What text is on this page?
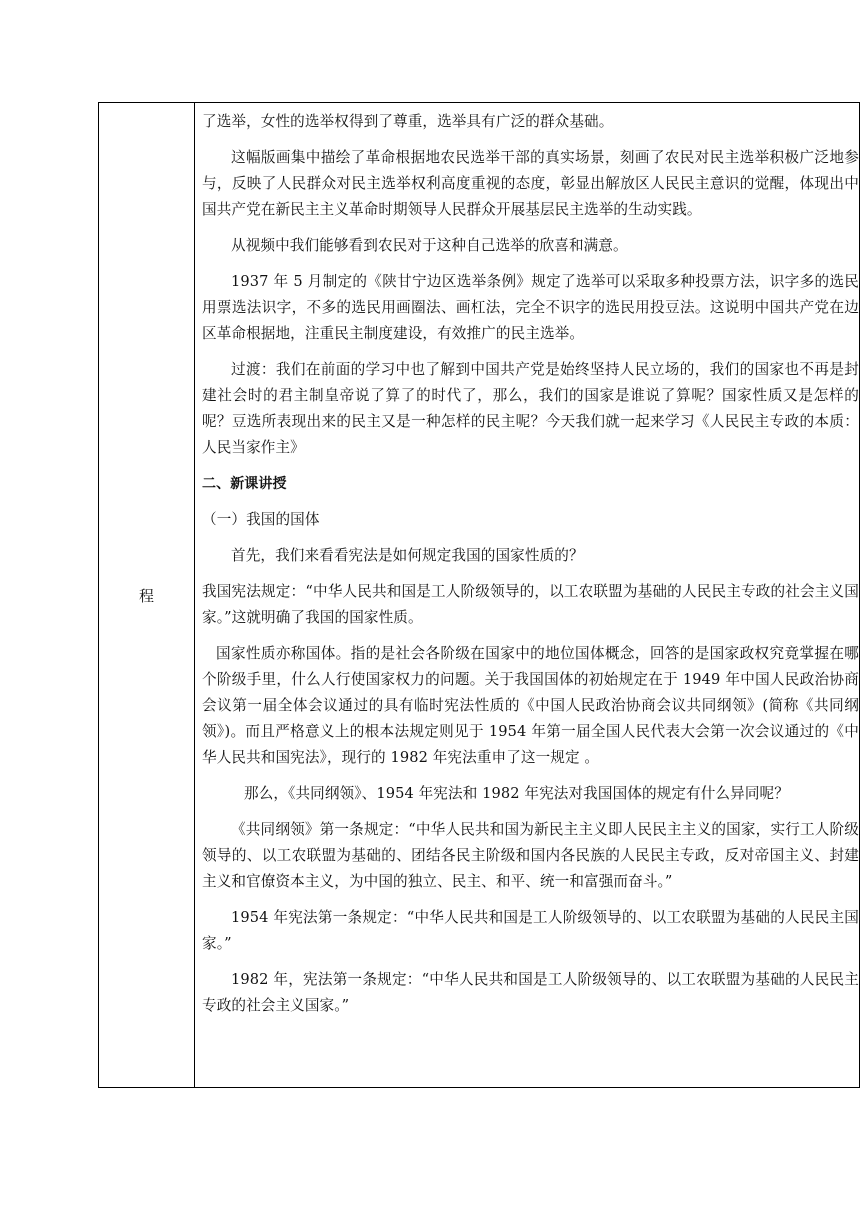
程	

了选举，女性的选举权得到了尊重，选举具有广泛的群众基础。

这幅版画集中描绘了革命根据地农民选举干部的真实场景，刻画了农民对民主选举积极广泛地参与，反映了人民群众对民主选举权利高度重视的态度，彰显出解放区人民民主意识的觉醒，体现出中国共产党在新民主主义革命时期领导人民群众开展基层民主选举的生动实践。

从视频中我们能够看到农民对于这种自己选举的欣喜和满意。

1937 年 5 月制定的《陕甘宁边区选举条例》规定了选举可以采取多种投票方法，识字多的选民用票选法识字，不多的选民用画圈法、画杠法，完全不识字的选民用投豆法。这说明中国共产党在边区革命根据地，注重民主制度建设，有效推广的民主选举。

过渡：我们在前面的学习中也了解到中国共产党是始终坚持人民立场的，我们的国家也不再是封建社会时的君主制皇帝说了算了的时代了，那么，我们的国家是谁说了算呢？国家性质又是怎样的呢？豆选所表现出来的民主又是一种怎样的民主呢？今天我们就一起来学习《人民民主专政的本质：人民当家作主》

二、新课讲授

（一）我国的国体

首先，我们来看看宪法是如何规定我国的国家性质的？

我国宪法规定：“中华人民共和国是工人阶级领导的，以工农联盟为基础的人民民主专政的社会主义国家。”这就明确了我国的国家性质。

国家性质亦称国体。指的是社会各阶级在国家中的地位国体概念，回答的是国家政权究竟掌握在哪个阶级手里，什么人行使国家权力的问题。关于我国国体的初始规定在于 1949 年中国人民政治协商会议第一届全体会议通过的具有临时宪法性质的《中国人民政治协商会议共同纲领》(简称《共同纲领》)。而且严格意义上的根本法规定则见于 1954 年第一届全国人民代表大会第一次会议通过的《中华人民共和国宪法》，现行的 1982 年宪法重申了这一规定 。

那么，《共同纲领》、1954 年宪法和 1982 年宪法对我国国体的规定有什么异同呢？

《共同纲领》第一条规定：“中华人民共和国为新民主主义即人民民主主义的国家，实行工人阶级领导的、以工农联盟为基础的、团结各民主阶级和国内各民族的人民民主专政，反对帝国主义、封建主义和官僚资本主义，为中国的独立、民主、和平、统一和富强而奋斗。”

1954 年宪法第一条规定：“中华人民共和国是工人阶级领导的、以工农联盟为基础的人民民主国家。”

1982 年，宪法第一条规定：“中华人民共和国是工人阶级领导的、以工农联盟为基础的人民民主专政的社会主义国家。”
